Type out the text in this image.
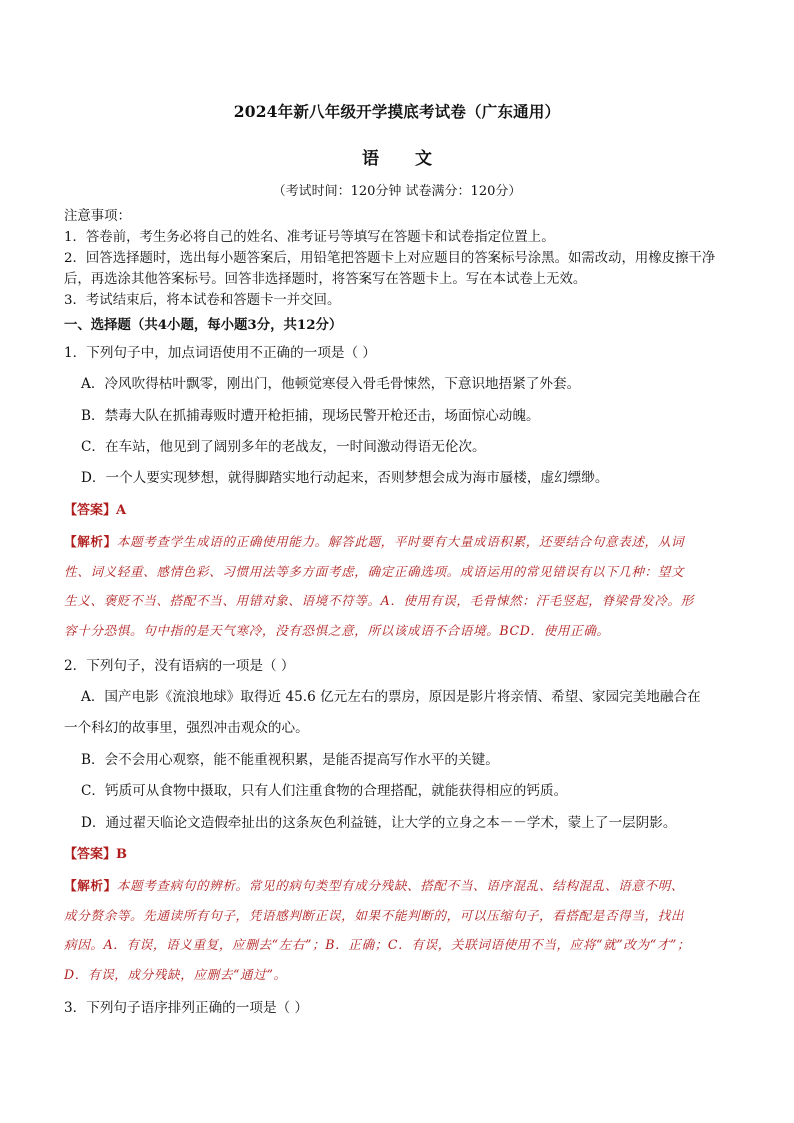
2024年新八年级开学摸底考试卷（广东通用）
语 文
（考试时间：120分钟 试卷满分：120分）
注意事项：
1．答卷前，考生务必将自己的姓名、准考证号等填写在答题卡和试卷指定位置上。
2．回答选择题时，选出每小题答案后，用铅笔把答题卡上对应题目的答案标号涂黑。如需改动，用橡皮擦干净后，再选涂其他答案标号。回答非选择题时，将答案写在答题卡上。写在本试卷上无效。
3．考试结束后，将本试卷和答题卡一并交回。
一、选择题（共4小题，每小题3分，共12分）
1．下列句子中，加点词语使用不正确的一项是（ ）
A．冷风吹得枯叶飘零，刚出门，他顿觉寒侵入骨毛骨悚然，下意识地捂紧了外套。
B．禁毒大队在抓捕毒贩时遭开枪拒捕，现场民警开枪还击，场面惊心动魄。
C．在车站，他见到了阔别多年的老战友，一时间激动得语无伦次。
D．一个人要实现梦想，就得脚踏实地行动起来，否则梦想会成为海市蜃楼，虚幻缥缈。
【答案】A
【解析】本题考查学生成语的正确使用能力。解答此题，平时要有大量成语积累，还要结合句意表述，从词
性、词义轻重、感情色彩、习惯用法等多方面考虑，确定正确选项。成语运用的常见错误有以下几种：望文
生义、褒贬不当、搭配不当、用错对象、语境不符等。A．使用有误，毛骨悚然：汗毛竖起，脊梁骨发冷。形
容十分恐惧。句中指的是天气寒冷，没有恐惧之意，所以该成语不合语境。BCD．使用正确。
2．下列句子，没有语病的一项是（ ）
A．国产电影《流浪地球》取得近 45.6 亿元左右的票房，原因是影片将亲情、希望、家园完美地融合在
一个科幻的故事里，强烈冲击观众的心。
B．会不会用心观察，能不能重视积累，是能否提高写作水平的关键。
C．钙质可从食物中摄取，只有人们注重食物的合理搭配，就能获得相应的钙质。
D．通过翟天临论文造假牵扯出的这条灰色利益链，让大学的立身之本－－学术，蒙上了一层阴影。
【答案】B
【解析】本题考查病句的辨析。常见的病句类型有成分残缺、搭配不当、语序混乱、结构混乱、语意不明、
成分赘余等。先通读所有句子，凭语感判断正误，如果不能判断的，可以压缩句子，看搭配是否得当，找出
病因。A．有误，语义重复，应删去“左右”；B．正确；C．有误，关联词语使用不当，应将“就”改为“才”；
D．有误，成分残缺，应删去“通过”。
3．下列句子语序排列正确的一项是（ ）
